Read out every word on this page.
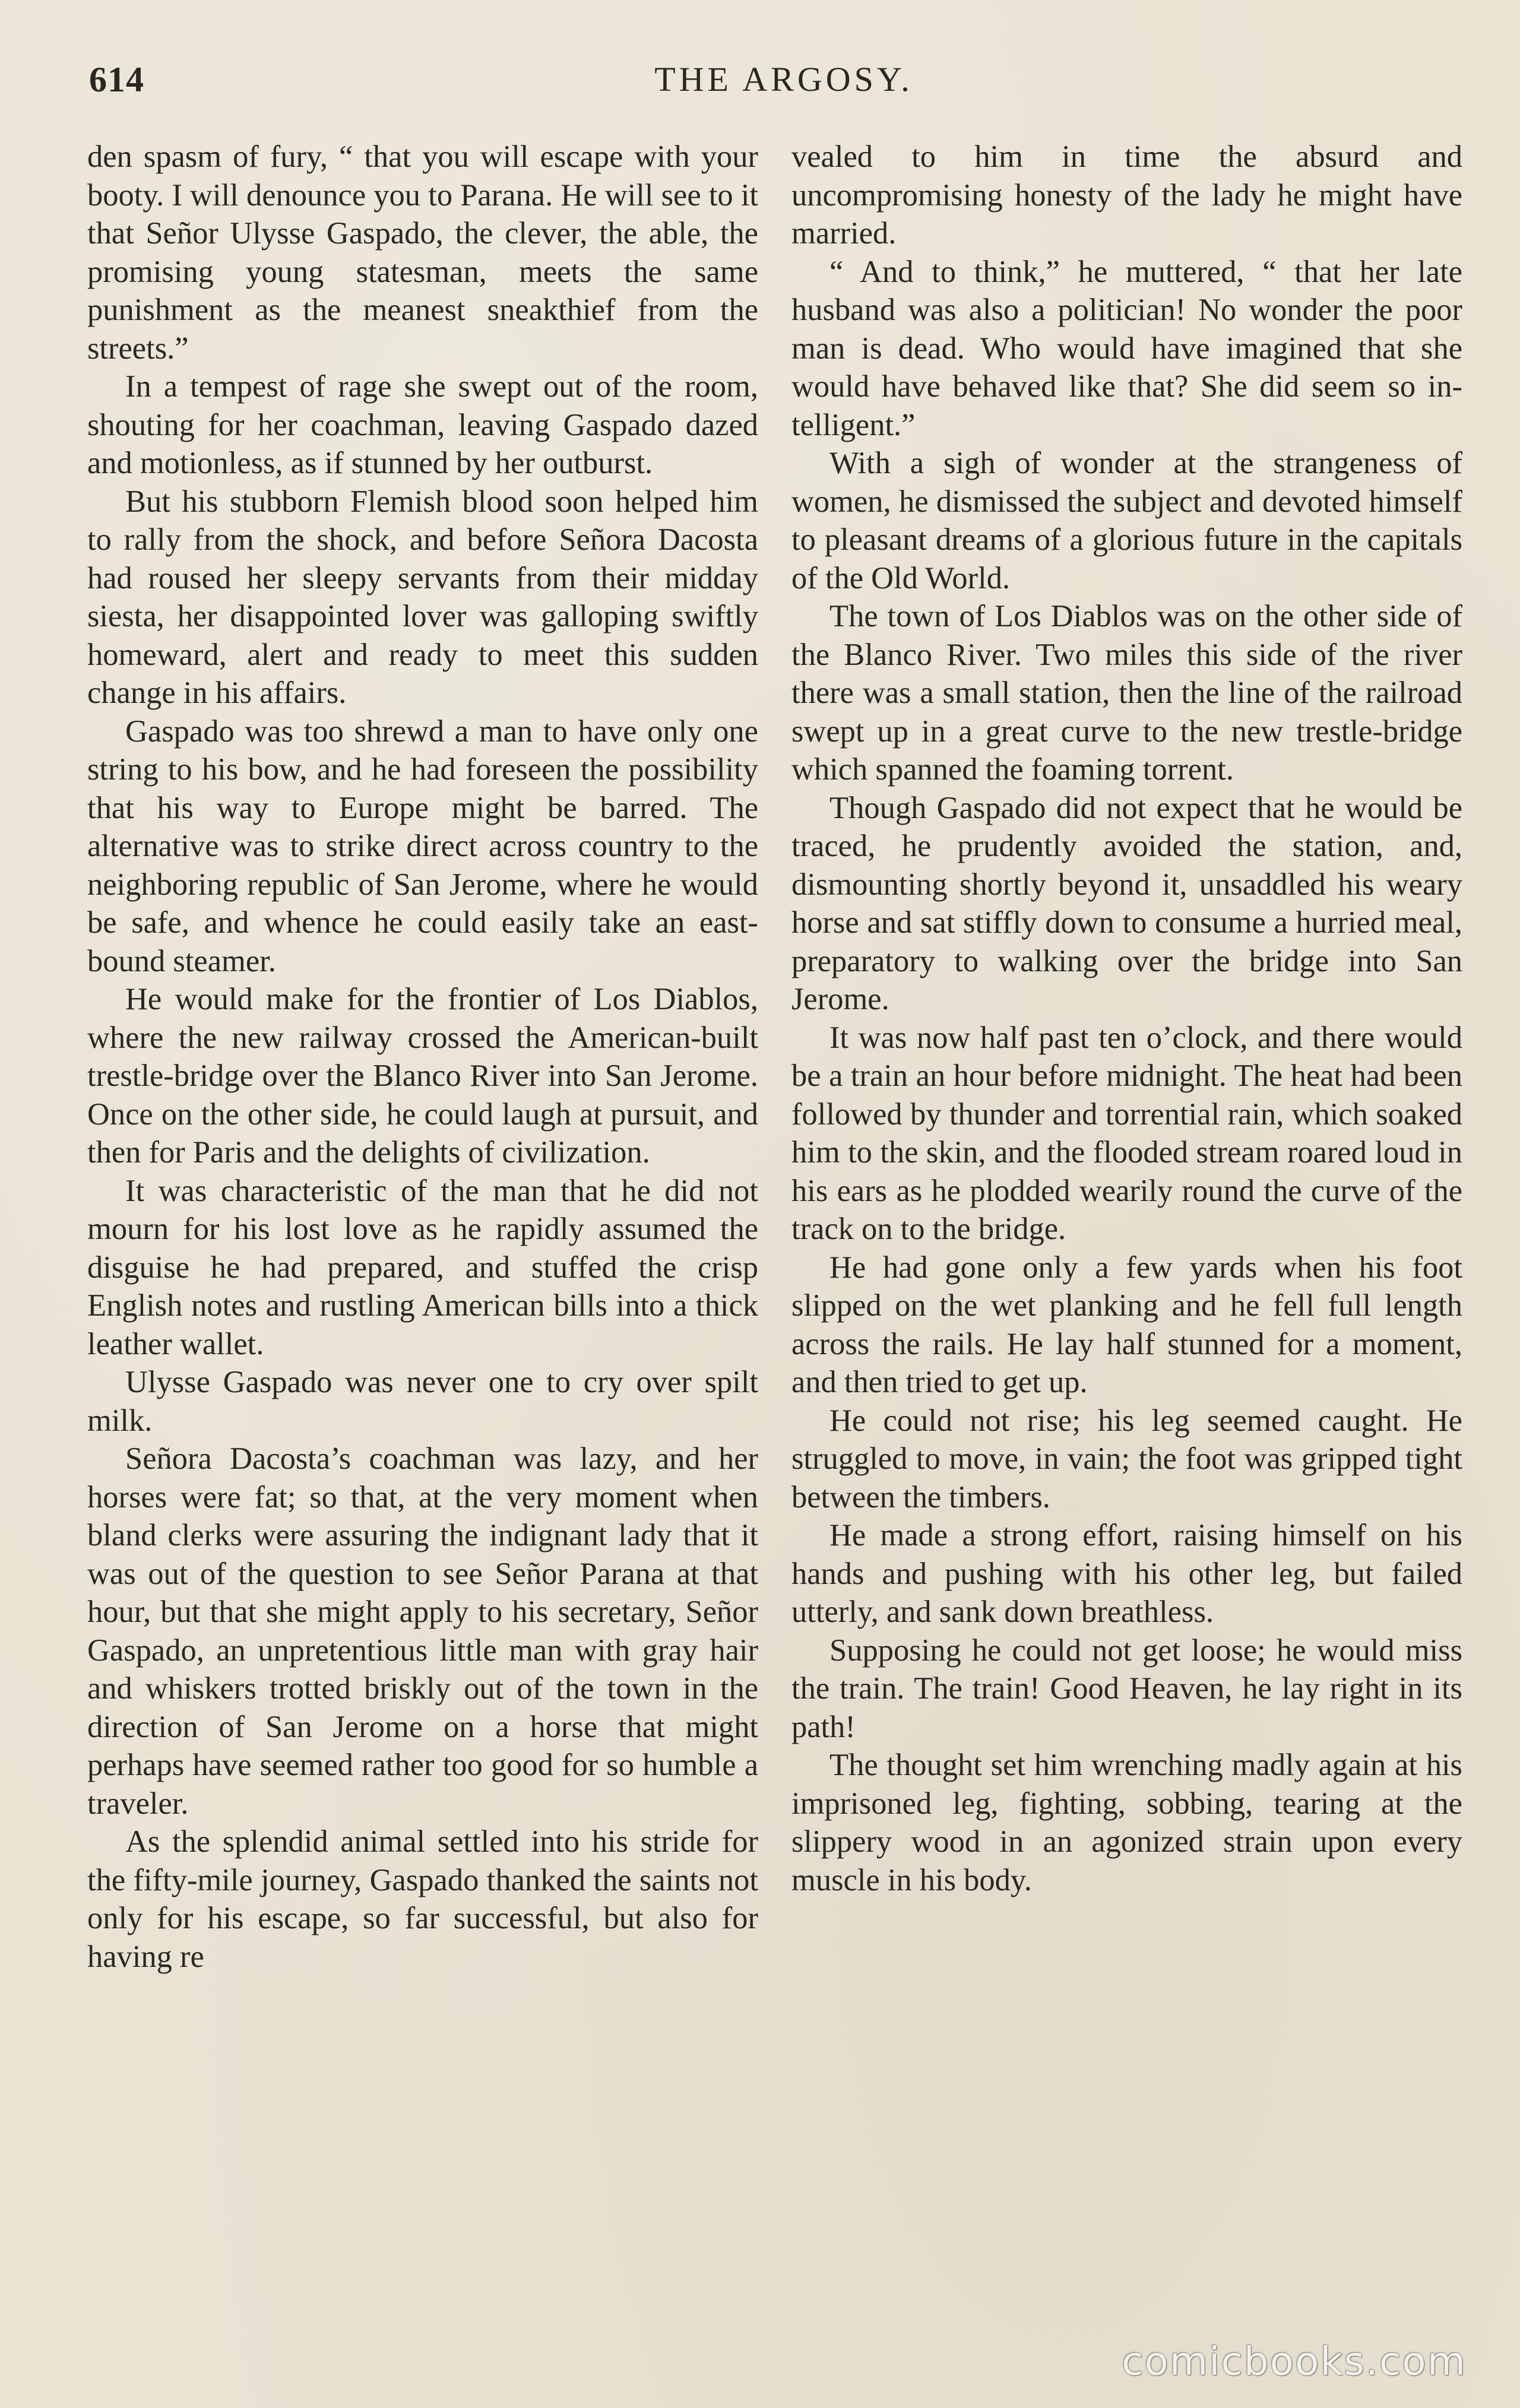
614	THE ARGOSY.

den spasm of fury, “ that you will escape with your booty. I will denounce you to Parana. He will see to it that Señor Ulysse Gaspado, the clever, the able, the promising young statesman, meets the same punishment as the meanest sneakthief from the streets.”

In a tempest of rage she swept out of the room, shouting for her coachman, leaving Gaspado dazed and motionless, as if stunned by her outburst.

But his stubborn Flemish blood soon helped him to rally from the shock, and before Señora Dacosta had roused her sleepy servants from their midday siesta, her disappointed lover was galloping swiftly homeward, alert and ready to meet this sudden change in his affairs.

Gaspado was too shrewd a man to have only one string to his bow, and he had foreseen the possibility that his way to Europe might be barred. The alternative was to strike direct across country to the neighboring republic of San Jerome, where he would be safe, and whence he could easily take an east-bound steamer.

He would make for the frontier of Los Diablos, where the new railway crossed the American-built trestle-bridge over the Blanco River into San Jerome. Once on the other side, he could laugh at pursuit, and then for Paris and the delights of civilization.

It was characteristic of the man that he did not mourn for his lost love as he rapidly assumed the disguise he had prepared, and stuffed the crisp English notes and rustling American bills into a thick leather wallet.

Ulysse Gaspado was never one to cry over spilt milk.

Señora Dacosta’s coachman was lazy, and her horses were fat; so that, at the very moment when bland clerks were assuring the indignant lady that it was out of the question to see Señor Parana at that hour, but that she might apply to his secretary, Señor Gaspado, an unpretentious little man with gray hair and whiskers trotted briskly out of the town in the direction of San Jerome on a horse that might perhaps have seemed rather too good for so humble a traveler.

As the splendid animal settled into his stride for the fifty-mile journey, Gaspado thanked the saints not only for his escape, so far successful, but also for having re

vealed to him in time the absurd and uncompromising honesty of the lady he might have married.

“ And to think,” he muttered, “ that her late husband was also a politician! No wonder the poor man is dead. Who would have imagined that she would have behaved like that? She did seem so intelligent.”

With a sigh of wonder at the strangeness of women, he dismissed the subject and devoted himself to pleasant dreams of a glorious future in the capitals of the Old World.

The town of Los Diablos was on the other side of the Blanco River. Two miles this side of the river there was a small station, then the line of the railroad swept up in a great curve to the new trestle-bridge which spanned the foaming torrent.

Though Gaspado did not expect that he would be traced, he prudently avoided the station, and, dismounting shortly beyond it, unsaddled his weary horse and sat stiffly down to consume a hurried meal, preparatory to walking over the bridge into San Jerome.

It was now half past ten o’clock, and there would be a train an hour before midnight. The heat had been followed by thunder and torrential rain, which soaked him to the skin, and the flooded stream roared loud in his ears as he plodded wearily round the curve of the track on to the bridge.

He had gone only a few yards when his foot slipped on the wet planking and he fell full length across the rails. He lay half stunned for a moment, and then tried to get up.

He could not rise; his leg seemed caught. He struggled to move, in vain; the foot was gripped tight between the timbers.

He made a strong effort, raising himself on his hands and pushing with his other leg, but failed utterly, and sank down breathless.

Supposing he could not get loose; he would miss the train. The train! Good Heaven, he lay right in its path!

The thought set him wrenching madly again at his imprisoned leg, fighting, sobbing, tearing at the slippery wood in an agonized strain upon every muscle in his body.

comicbooks.com
